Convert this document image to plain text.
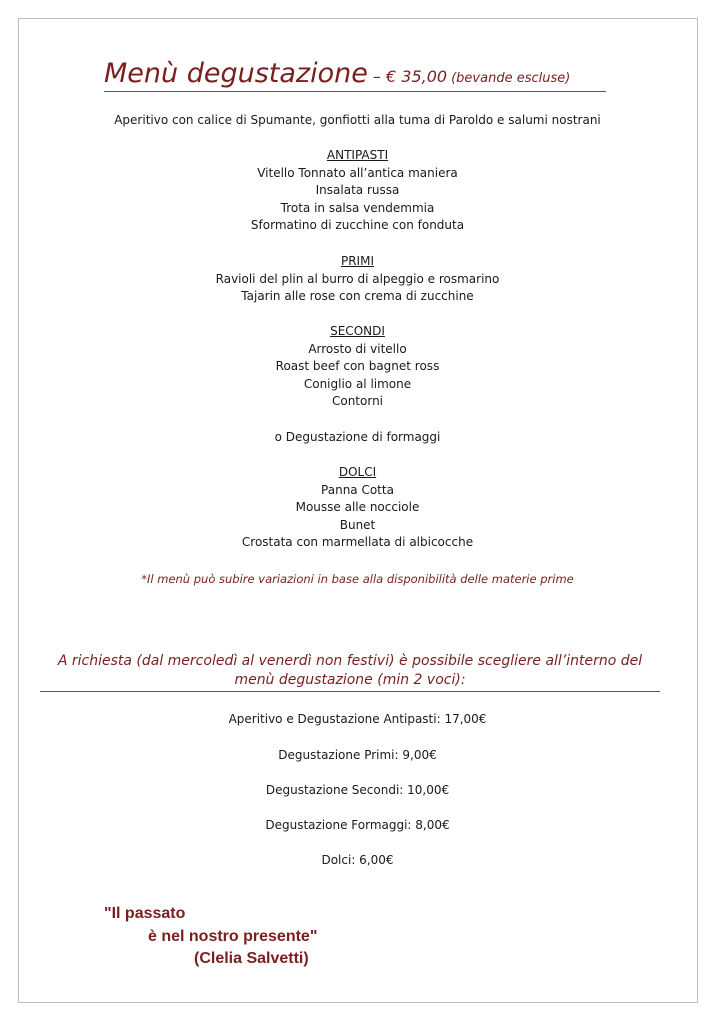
Menù degustazione – € 35,00 (bevande escluse)
Aperitivo con calice di Spumante, gonfiotti alla tuma di Paroldo e salumi nostrani
ANTIPASTI
Vitello Tonnato all’antica maniera
Insalata russa
Trota in salsa vendemmia
Sformatino di zucchine con fonduta
PRIMI
Ravioli del plin al burro di alpeggio e rosmarino
Tajarin alle rose con crema di zucchine
SECONDI
Arrosto di vitello
Roast beef con bagnet ross
Coniglio al limone
Contorni
o Degustazione di formaggi
DOLCI
Panna Cotta
Mousse alle nocciole
Bunet
Crostata con marmellata di albicocche
*Il menù può subire variazioni in base alla disponibilità delle materie prime
A richiesta (dal mercoledì al venerdì non festivi) è possibile scegliere all’interno del
menù degustazione (min 2 voci):
Aperitivo e Degustazione Antipasti: 17,00€
Degustazione Primi: 9,00€
Degustazione Secondi: 10,00€
Degustazione Formaggi: 8,00€
Dolci: 6,00€
"Il passato
è nel nostro presente"
(Clelia Salvetti)
